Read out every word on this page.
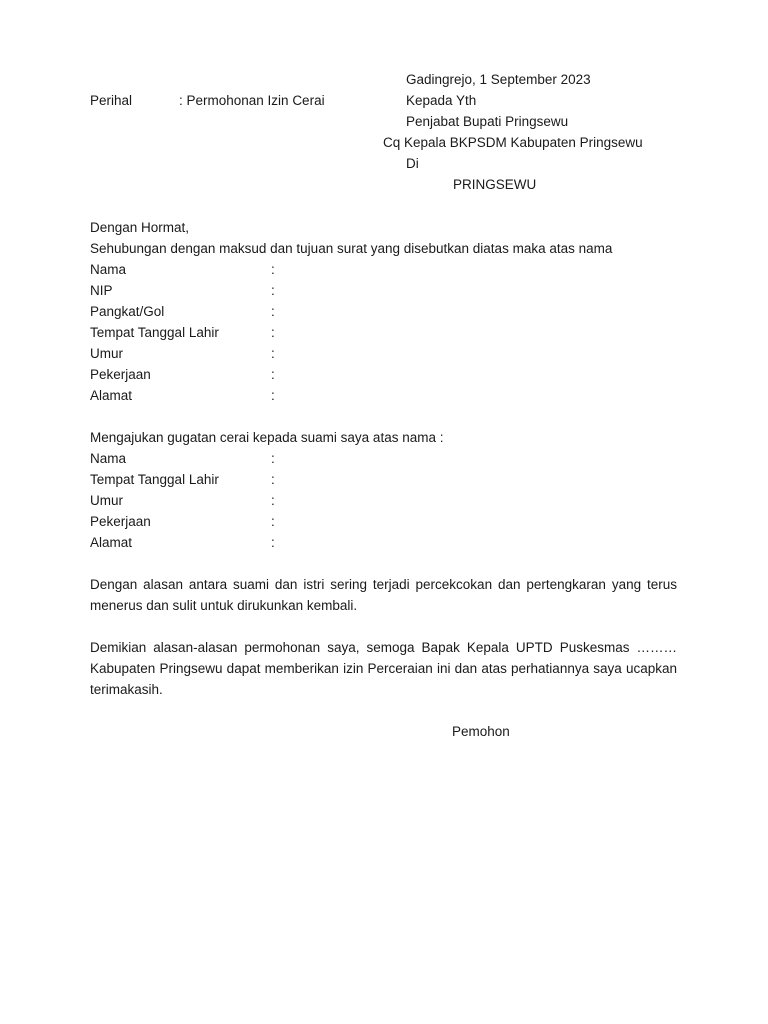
Gadingrejo, 1 September 2023
Perihal	: Permohonan Izin Cerai	Kepada Yth
Penjabat Bupati Pringsewu
Cq Kepala BKPSDM Kabupaten Pringsewu
Di
PRINGSEWU
Dengan Hormat,
Sehubungan dengan maksud dan tujuan surat yang disebutkan diatas maka atas nama
Nama	:
NIP	:
Pangkat/Gol	:
Tempat Tanggal Lahir	:
Umur	:
Pekerjaan	:
Alamat	:
Mengajukan gugatan cerai kepada suami saya atas nama :
Nama	:
Tempat Tanggal Lahir	:
Umur	:
Pekerjaan	:
Alamat	:
Dengan alasan antara suami dan istri sering terjadi percekcokan dan pertengkaran yang terus menerus dan sulit untuk dirukunkan kembali.
Demikian alasan-alasan permohonan saya, semoga Bapak Kepala UPTD Puskesmas ……… Kabupaten Pringsewu dapat memberikan izin Perceraian ini dan atas perhatiannya saya ucapkan terimakasih.
Pemohon
